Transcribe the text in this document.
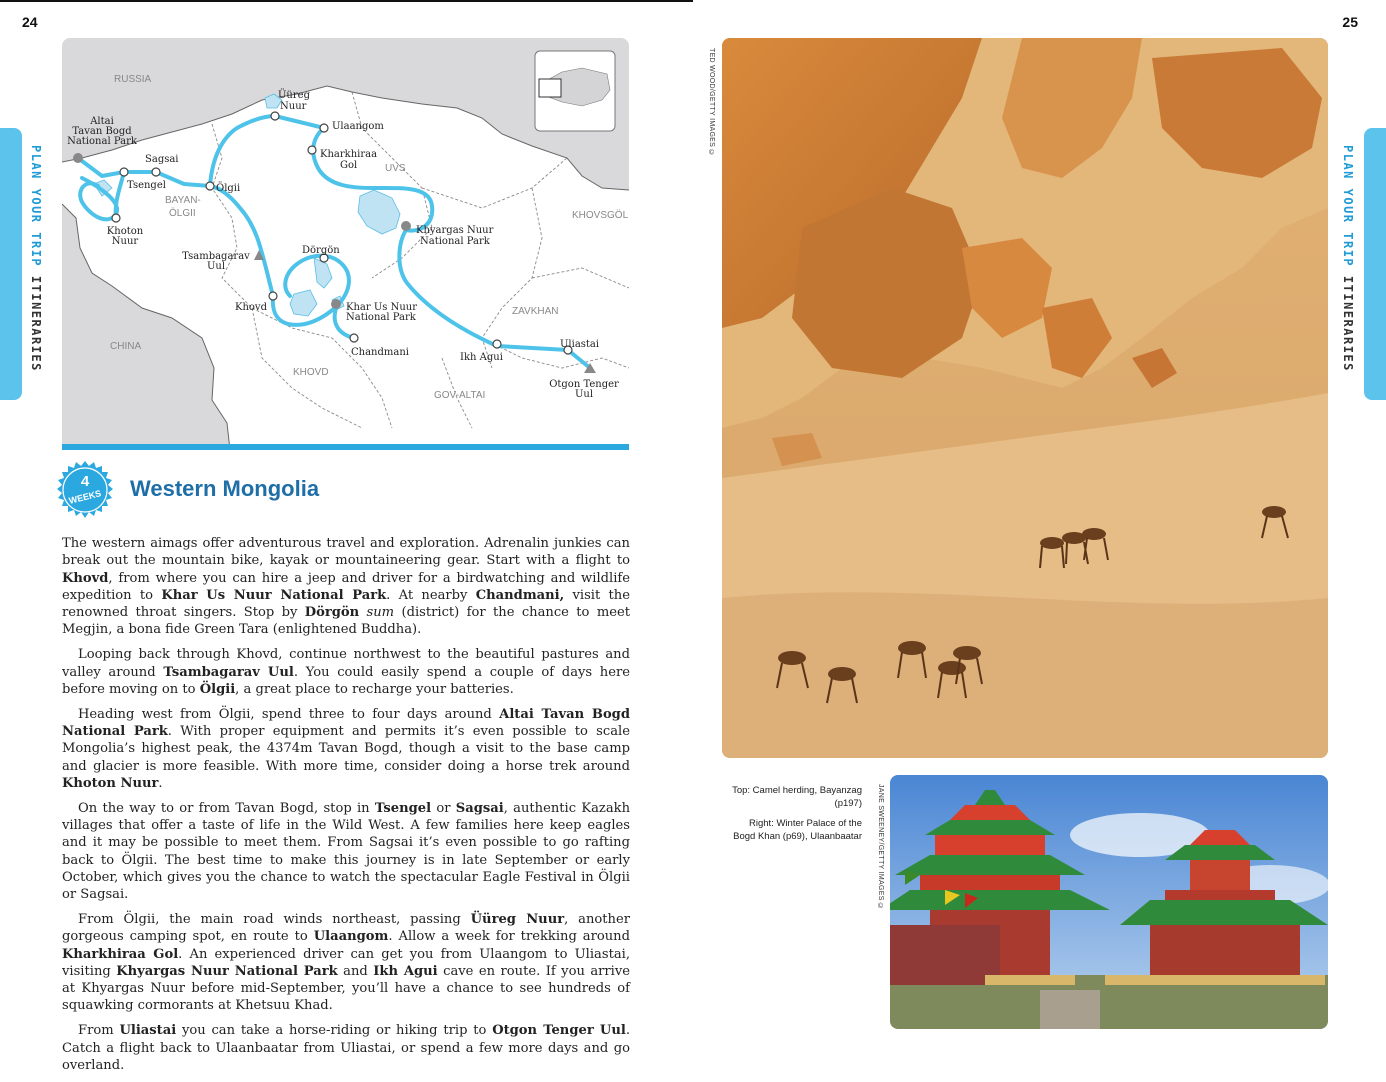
24	25
PLAN YOUR TRIP ITINERARIES
PLAN YOUR TRIP ITINERARIES
RUSSIA
CHINA
UVS
BAYAN-
ÖLGII	KHOVSGÖL
ZAVKHAN
KHOVD
GOV-ALTAI
Altai
Tavan Bogd
National Park
Üüreg
Nuur
Ulaangom
Kharkhiraa
Gol
Sagsai
Tsengel	Ölgii
Khoton
Nuur
Khyargas Nuur
National Park
Tsambagarav
Uul
Dörgön
Khovd	Khar Us Nuur
National Park
Chandmani	Ikh Agui
Uliastai
Otgon Tenger
Uul
4
WEEKS Western Mongolia

The western aimags offer adventurous travel and exploration. Adrenalin junkies can break out the mountain bike, kayak or mountaineering gear. Start with a flight to Khovd, from where you can hire a jeep and driver for a birdwatching and wildlife expedition to Khar Us Nuur National Park. At nearby Chandmani, visit the renowned throat singers. Stop by Dörgön sum (district) for the chance to meet Megjin, a bona fide Green Tara (enlightened Buddha).

Looping back through Khovd, continue northwest to the beautiful pastures and valley around Tsambagarav Uul. You could easily spend a couple of days here before moving on to Ölgii, a great place to recharge your batteries.

Heading west from Ölgii, spend three to four days around Altai Tavan Bogd National Park. With proper equipment and permits it’s even possible to scale Mongolia’s highest peak, the 4374m Tavan Bogd, though a visit to the base camp and glacier is more feasible. With more time, consider doing a horse trek around Khoton Nuur.

On the way to or from Tavan Bogd, stop in Tsengel or Sagsai, authentic Kazakh villages that offer a taste of life in the Wild West. A few families here keep eagles and it may be possible to meet them. From Sagsai it’s even possible to go rafting back to Ölgii. The best time to make this journey is in late September or early October, which gives you the chance to watch the spectacular Eagle Festival in Ölgii or Sagsai.

From Ölgii, the main road winds northeast, passing Üüreg Nuur, another gorgeous camping spot, en route to Ulaangom. Allow a week for trekking around Kharkhiraa Gol. An experienced driver can get you from Ulaangom to Uliastai, visiting Khyargas Nuur National Park and Ikh Agui cave en route. If you arrive at Khyargas Nuur before mid-September, you’ll have a chance to see hundreds of squawking cormorants at Khetsuu Khad.

From Uliastai you can take a horse-riding or hiking trip to Otgon Tenger Uul. Catch a flight back to Ulaanbaatar from Uliastai, or spend a few more days and go overland.

TED WOOD/GETTY IMAGES ©
Top: Camel herding, Bayanzag (p197)
Right: Winter Palace of the Bogd Khan (p69), Ulaanbaatar JANE SWEENEY/GETTY IMAGES ©
